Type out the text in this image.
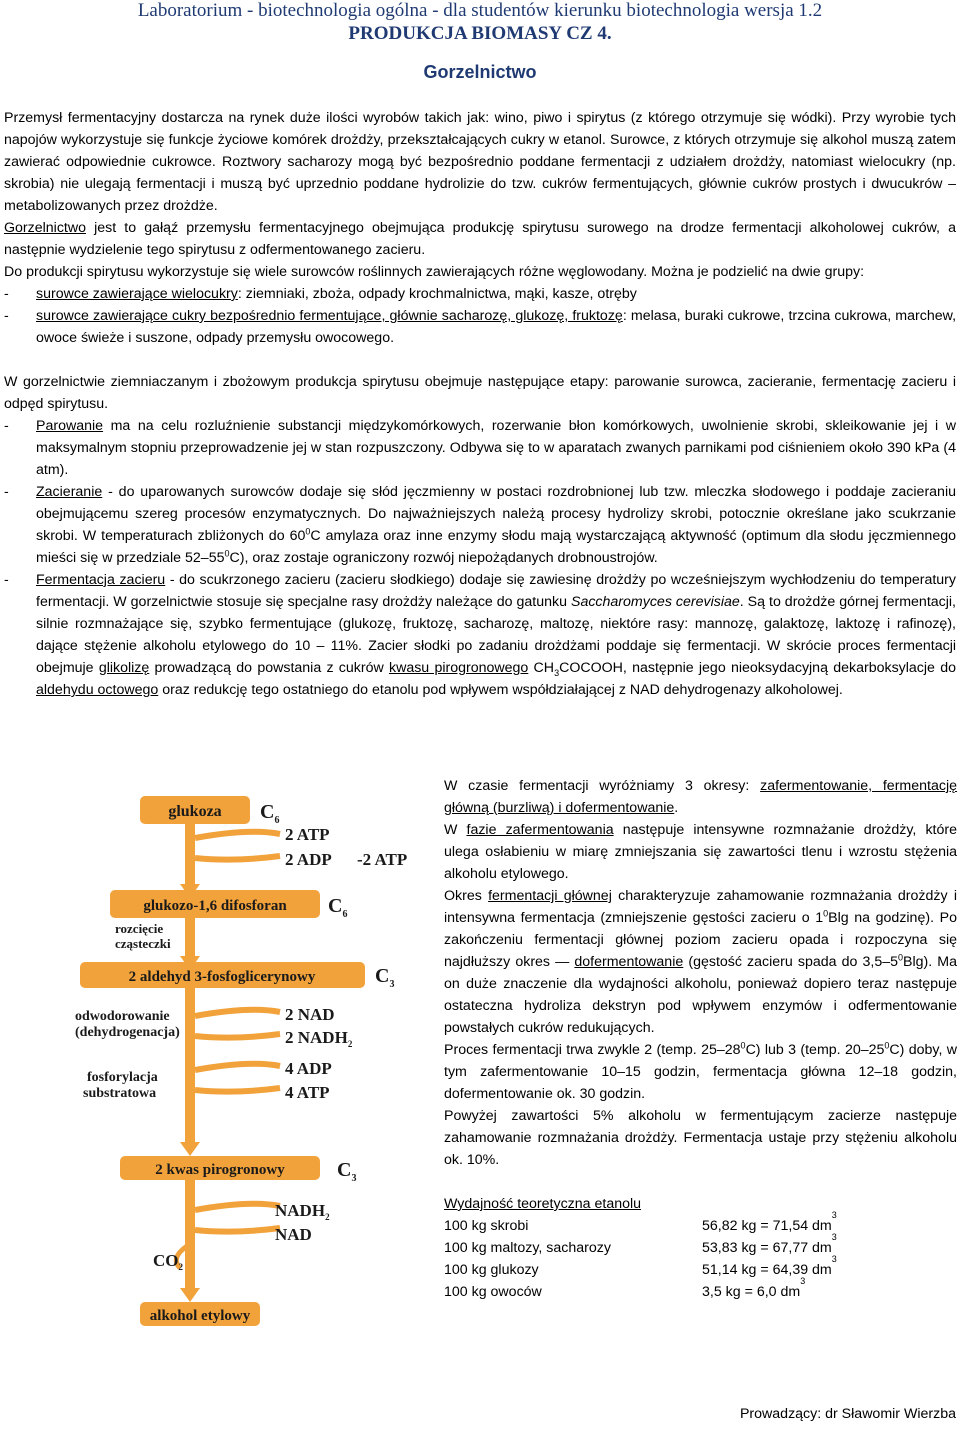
Laboratorium - biotechnologia ogólna - dla studentów kierunku biotechnologia wersja 1.2
PRODUKCJA BIOMASY CZ 4.
Gorzelnictwo

Przemysł fermentacyjny dostarcza na rynek duże ilości wyrobów takich jak: wino, piwo i spirytus (z którego otrzymuje się wódki). Przy wyrobie tych napojów wykorzystuje się funkcje życiowe komórek drożdży, przekształcających cukry w etanol. Surowce, z których otrzymuje się alkohol muszą zatem zawierać odpowiednie cukrowce. Roztwory sacharozy mogą być bezpośrednio poddane fermentacji z udziałem drożdży, natomiast wielocukry (np. skrobia) nie ulegają fermentacji i muszą być uprzednio poddane hydrolizie do tzw. cukrów fermentujących, głównie cukrów prostych i dwucukrów – metabolizowanych przez drożdże.

Gorzelnictwo jest to gałąź przemysłu fermentacyjnego obejmująca produkcję spirytusu surowego na drodze fermentacji alkoholowej cukrów, a następnie wydzielenie tego spirytusu z odfermentowanego zacieru.

Do produkcji spirytusu wykorzystuje się wiele surowców roślinnych zawierających różne węglowodany. Można je podzielić na dwie grupy:

- surowce zawierające wielocukry: ziemniaki, zboża, odpady krochmalnictwa, mąki, kasze, otręby

- surowce zawierające cukry bezpośrednio fermentujące, głównie sacharozę, glukozę, fruktozę: melasa, buraki cukrowe, trzcina cukrowa, marchew, owoce świeże i suszone, odpady przemysłu owocowego.

W gorzelnictwie ziemniaczanym i zbożowym produkcja spirytusu obejmuje następujące etapy: parowanie surowca, zacieranie, fermentację zacieru i odpęd spirytusu.

- Parowanie ma na celu rozluźnienie substancji międzykomórkowych, rozerwanie błon komórkowych, uwolnienie skrobi, skleikowanie jej i w maksymalnym stopniu przeprowadzenie jej w stan rozpuszczony. Odbywa się to w aparatach zwanych parnikami pod ciśnieniem około 390 kPa (4 atm).

- Zacieranie - do uparowanych surowców dodaje się słód jęczmienny w postaci rozdrobnionej lub tzw. mleczka słodowego i poddaje zacieraniu obejmującemu szereg procesów enzymatycznych. Do najważniejszych należą procesy hydrolizy skrobi, potocznie określane jako scukrzanie skrobi. W temperaturach zbliżonych do $60^0C$ amylaza oraz inne enzymy słodu mają wystarczającą aktywność (optimum dla słodu jęczmiennego mieści się w przedziale $52-55^0C$), oraz zostaje ograniczony rozwój niepożądanych drobnoustrojów.

- Fermentacja zacieru - do scukrzonego zacieru (zacieru słodkiego) dodaje się zawiesinę drożdży po wcześniejszym wychłodzeniu do temperatury fermentacji. W gorzelnictwie stosuje się specjalne rasy drożdży należące do gatunku Saccharomyces cerevisiae. Są to drożdże górnej fermentacji, silnie rozmnażające się, szybko fermentujące (glukozę, fruktozę, sacharozę, maltozę, niektóre rasy: mannozę, galaktozę, laktozę i rafinozę), dające stężenie alkoholu etylowego do 10 – 11%. Zacier słodki po zadaniu drożdżami poddaje się fermentacji. W skrócie proces fermentacji obejmuje glikolizę prowadzącą do powstania z cukrów kwasu pirogronowego $CH_3COCOOH$, następnie jego nieoksydacyjną dekarboksylacje do aldehydu octowego oraz redukcję tego ostatniego do etanolu pod wpływem współdziałającej z NAD dehydrogenazy alkoholowej.

glukoza $C_6$
2 ATP
2 ADP -2 ATP
glukozo-1,6 difosforan $C_6$
rozcięcie
cząsteczki
2 aldehyd 3-fosfoglicerynowy	$C_3$
odwodorowanie
(dehydrogenacja)
2 NAD
2 $NADH_2$
fosforylacja
substratowa
4 ADP
4 ATP
2 kwas pirogronowy	$C_3$
$NADH_2$
NAD
$CO_2$
alkohol etylowy

W czasie fermentacji wyróżniamy 3 okresy: zafermentowanie, fermentację główną (burzliwą) i dofermentowanie.

W fazie zafermentowania następuje intensywne rozmnażanie drożdży, które ulega osłabieniu w miarę zmniejszania się zawartości tlenu i wzrostu stężenia alkoholu etylowego.

Okres fermentacji głównej charakteryzuje zahamowanie rozmnażania drożdży i intensywna fermentacja (zmniejszenie gęstości zacieru o $1^0Blg$ na godzinę). Po zakończeniu fermentacji głównej poziom zacieru opada i rozpoczyna się najdłuższy okres — dofermentowanie (gęstość zacieru spada do $3,5-5^0Blg$). Ma on duże znaczenie dla wydajności alkoholu, ponieważ dopiero teraz następuje ostateczna hydroliza dekstryn pod wpływem enzymów i odfermentowanie powstałych cukrów redukujących.

Proces fermentacji trwa zwykle 2 (temp. $25-28^0C$) lub 3 (temp. $20-25^0C$) doby, w tym zafermentowanie 10–15 godzin, fermentacja główna 12–18 godzin, dofermentowanie ok. 30 godzin.

Powyżej zawartości 5% alkoholu w fermentującym zacierze następuje zahamowanie rozmnażania drożdży. Fermentacja ustaje przy stężeniu alkoholu ok. 10%.

Wydajność teoretyczna etanolu

100 kg skrobi	56,82 kg = 71,54 dm
3
100 kg maltozy, sacharozy	53,83 kg = 67,77 dm
3
100 kg glukozy	51,14 kg = 64,39 dm
3
100 kg owoców	3,5 kg = 6,0 dm
3
Prowadzący: dr Sławomir Wierzba
